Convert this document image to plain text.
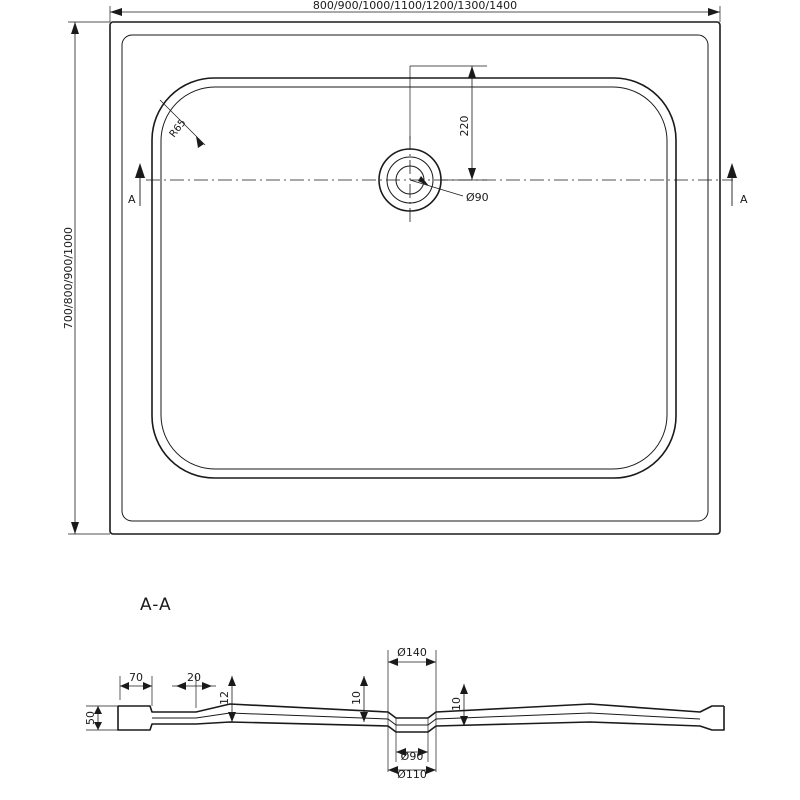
A	A
R65
Ø90
800/900/1000/1100/1200/1300/1400
700/800/900/1000
220
A-A
Ø140
Ø90
Ø110
70	20
12	10	10
50
